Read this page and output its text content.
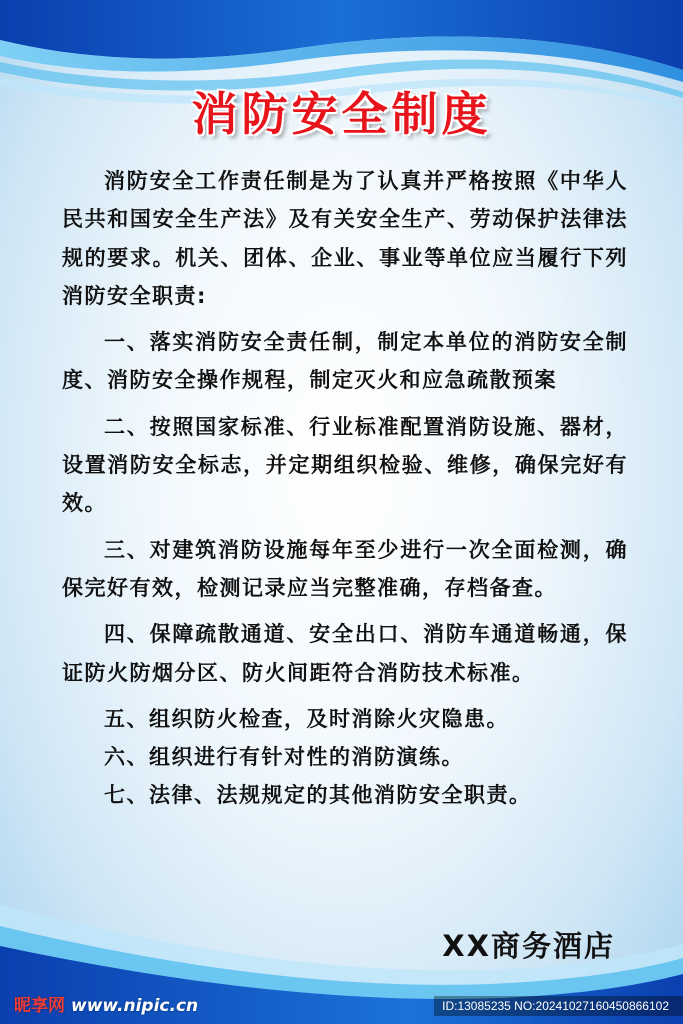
消防安全制度

消防安全工作责任制是为了认真并严格按照《中华人民共和国安全生产法》及有关安全生产、劳动保护法律法规的要求。机关、团体、企业、事业等单位应当履行下列消防安全职责:

一、落实消防安全责任制，制定本单位的消防安全制度、消防安全操作规程，制定灭火和应急疏散预案

二、按照国家标准、行业标准配置消防设施、器材，设置消防安全标志，并定期组织检验、维修，确保完好有效。

三、对建筑消防设施每年至少进行一次全面检测，确保完好有效，检测记录应当完整准确，存档备查。

四、保障疏散通道、安全出口、消防车通道畅通，保证防火防烟分区、防火间距符合消防技术标准。

五、组织防火检查，及时消除火灾隐患。

六、组织进行有针对性的消防演练。

七、法律、法规规定的其他消防安全职责。

XX商务酒店
昵享网 www.nipic.cn	ID:13085235 NO:20241027160450866102
